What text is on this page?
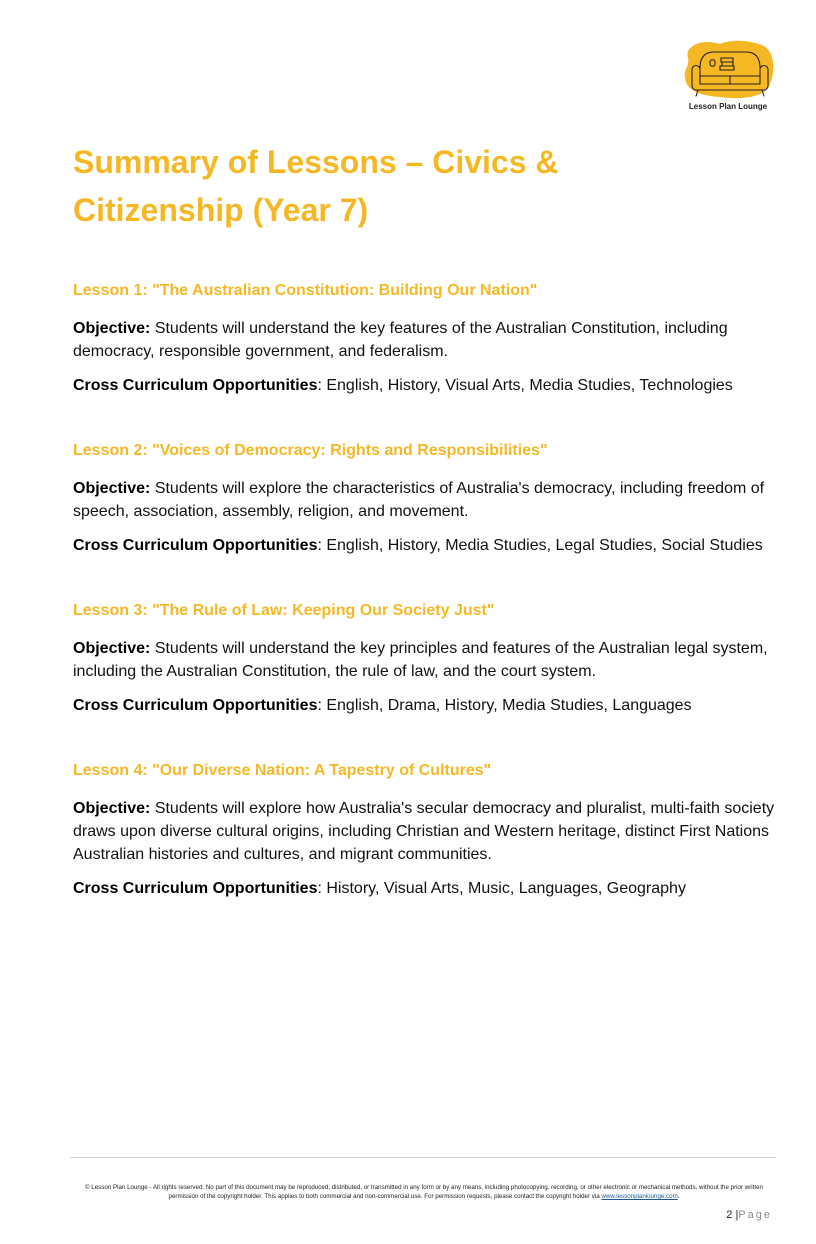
Lesson Plan Lounge
Summary of Lessons – Civics & Citizenship (Year 7)
Lesson 1: "The Australian Constitution: Building Our Nation"

Objective: Students will understand the key features of the Australian Constitution, including democracy, responsible government, and federalism.

Cross Curriculum Opportunities: English, History, Visual Arts, Media Studies, Technologies

Lesson 2: "Voices of Democracy: Rights and Responsibilities"

Objective: Students will explore the characteristics of Australia's democracy, including freedom of speech, association, assembly, religion, and movement.

Cross Curriculum Opportunities: English, History, Media Studies, Legal Studies, Social Studies

Lesson 3: "The Rule of Law: Keeping Our Society Just"

Objective: Students will understand the key principles and features of the Australian legal system, including the Australian Constitution, the rule of law, and the court system.

Cross Curriculum Opportunities: English, Drama, History, Media Studies, Languages

Lesson 4: "Our Diverse Nation: A Tapestry of Cultures"

Objective: Students will explore how Australia's secular democracy and pluralist, multi-faith society draws upon diverse cultural origins, including Christian and Western heritage, distinct First Nations Australian histories and cultures, and migrant communities.

Cross Curriculum Opportunities: History, Visual Arts, Music, Languages, Geography

© Lesson Plan Lounge - All rights reserved. No part of this document may be reproduced, distributed, or transmitted in any form or by any means, including photocopying, recording, or other electronic or mechanical methods, without the prior written permission of the copyright holder. This applies to both commercial and non-commercial use. For permission requests, please contact the copyright holder via www.lessonplanlounge.com.

2 |Page
